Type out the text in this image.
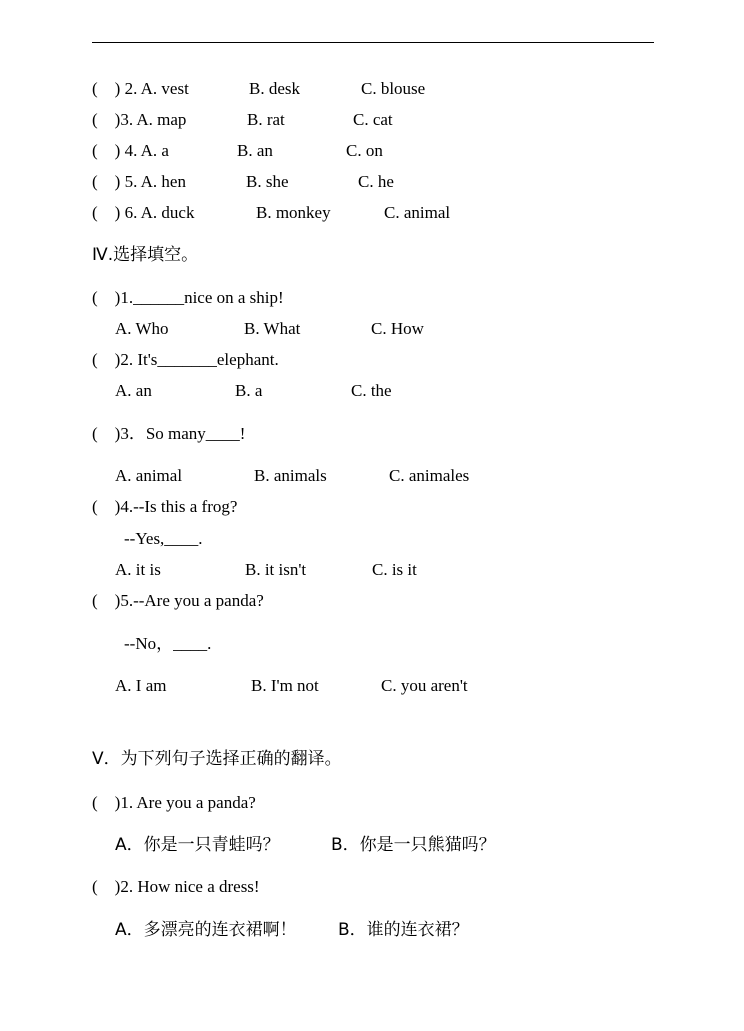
(    ) 2. A. vest	B. desk	C. blouse
(    )3. A. map	B. rat	C. cat
(    ) 4. A. a	B. an	C. on
(    ) 5. A. hen	B. she	C. he
(    ) 6. A. duck	B. monkey	C. animal
Ⅳ.选择填空。
(    )1.______nice on a ship!
A. Who	B. What	C. How
(    )2. It's_______elephant.
A. an	B. a	C. the
(    )3．So many____!
A. animal	B. animals	C. animales
(    )4.--Is this a frog?
--Yes,____.
A. it is	B. it isn't	C. is it
(    )5.--Are you a panda?
--No，____.
A. I am	B. I'm not	C. you aren't
V．为下列句子选择正确的翻译。
(    )1. Are you a panda?
A．你是一只青蛙吗？	B．你是一只熊猫吗？
(    )2. How nice a dress!
A．多漂亮的连衣裙啊！ B．谁的连衣裙？
